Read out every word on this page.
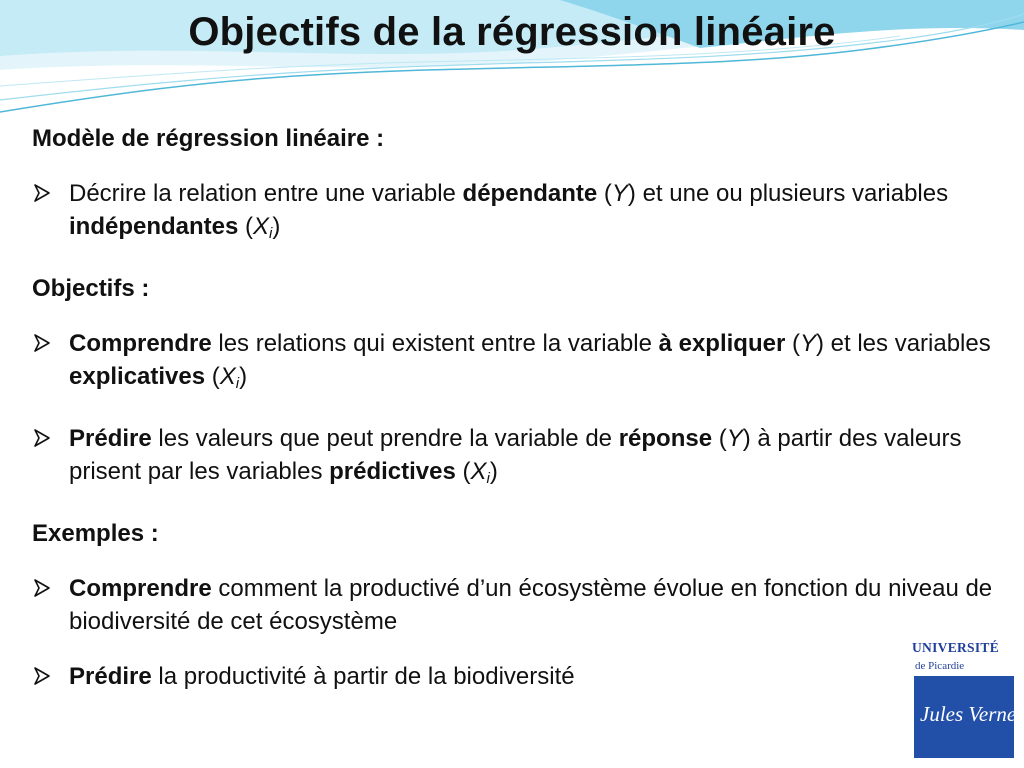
Objectifs de la régression linéaire
Modèle de régression linéaire :
Décrire la relation entre une variable dépendante (Y) et une ou plusieurs variables indépendantes $(X_i)$
Objectifs :
Comprendre les relations qui existent entre la variable à expliquer (Y) et les variables explicatives $(X_i)$
Prédire les valeurs que peut prendre la variable de réponse (Y) à partir des valeurs prisent par les variables prédictives $(X_i)$
Exemples :
Comprendre comment la productivé d’un écosystème évolue en fonction du niveau de biodiversité de cet écosystème
Prédire la productivité à partir de la biodiversité
UNIVERSITÉ
de Picardie
Jules Verne
